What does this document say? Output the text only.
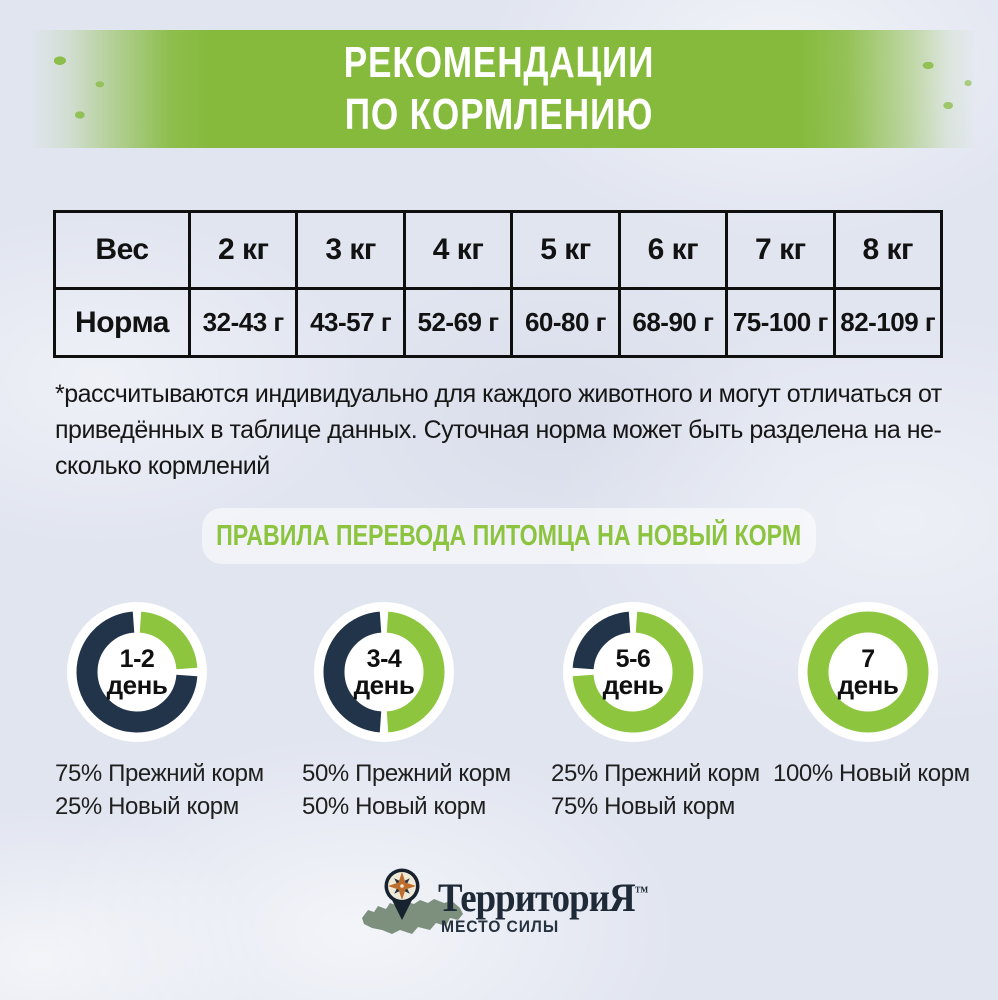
РЕКОМЕНДАЦИИ
ПО КОРМЛЕНИЮ
Вес	2 кг	3 кг	4 кг	5 кг	6 кг	7 кг	8 кг
Норма	32-43 г	43-57 г	52-69 г	60-80 г	68-90 г	75-100 г	82-109 г
*рассчитываются индивидуально для каждого животного и могут отличаться от
приведённых в таблице данных. Суточная норма может быть разделена на не-
сколько кормлений
ПРАВИЛА ПЕРЕВОДА ПИТОМЦА НА НОВЫЙ КОРМ
1-2
день
75% Прежний корм
25% Новый корм
3-4
день
50% Прежний корм
50% Новый корм
5-6
день
25% Прежний корм
75% Новый корм
7
день
100% Новый корм
ТерриториЯ™
МЕСТО СИЛЫ
